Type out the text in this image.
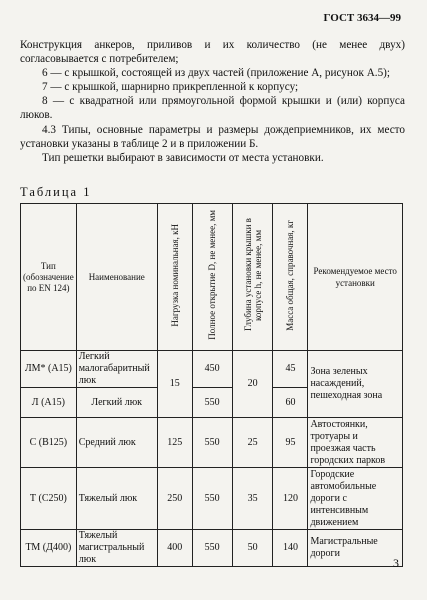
ГОСТ 3634—99

Конструкция анкеров, приливов и их количество (не менее двух) согласовывается с потребителем;

6 — с крышкой, состоящей из двух частей (приложение А, рисунок А.5);

7 — с крышкой, шарнирно прикрепленной к корпусу;

8 — с квадратной или прямоугольной формой крышки и (или) корпуса люков.

4.3 Типы, основные параметры и размеры дождеприемников, их место установки указаны в таблице 2 и в приложении Б.

Тип решетки выбирают в зависимости от места установки.

Таблица 1
Тип (обозначение по EN 124)	Наименование	Нагрузка номинальная, кН	Полное открытие D, не менее, мм	Глубина установки крышки в корпусе h, не менее, мм	Масса общая, справочная, кг	Рекомендуемое место установки
ЛМ* (А15)	Легкий малогабаритный люк	15	450	20	45	Зона зеленых насаждений, пешеходная зона
Л (А15)	Легкий люк		550		60	
С (В125)	Средний люк	125	550	25	95	Автостоянки, тротуары и проезжая часть городских парков
Т (С250)	Тяжелый люк	250	550	35	120	Городские автомобильные дороги с интенсивным движением
ТМ (Д400)	Тяжелый магистральный люк	400	550	50	140	Магистральные дороги
3
